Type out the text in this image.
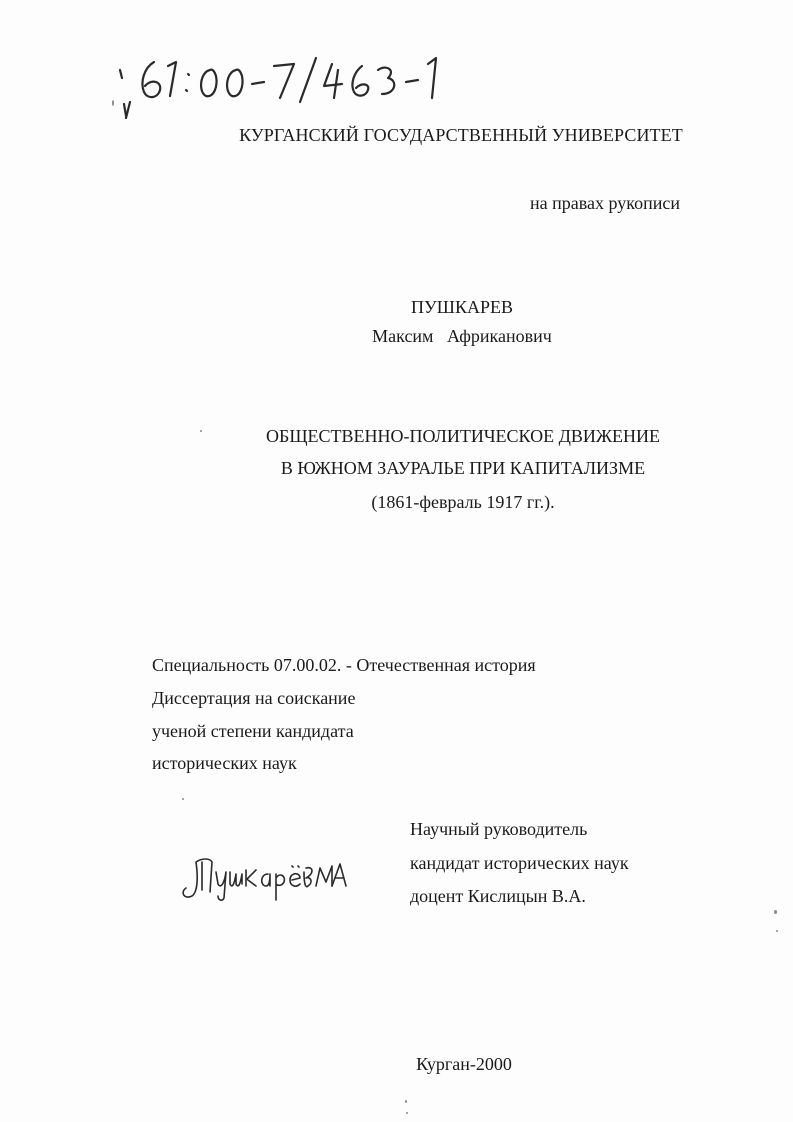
КУРГАНСКИЙ ГОСУДАРСТВЕННЫЙ УНИВЕРСИТЕТ
на правах рукописи
ПУШКАРЕВ
Максим   Африканович
ОБЩЕСТВЕННО-ПОЛИТИЧЕСКОЕ ДВИЖЕНИЕ
В ЮЖНОМ ЗАУРАЛЬЕ ПРИ КАПИТАЛИЗМЕ
(1861-февраль 1917 гг.).
Специальность 07.00.02. - Отечественная история
Диссертация на соискание
ученой степени кандидата
исторических наук
Научный руководитель
кандидат исторических наук
доцент Кислицын В.А.
Курган-2000
